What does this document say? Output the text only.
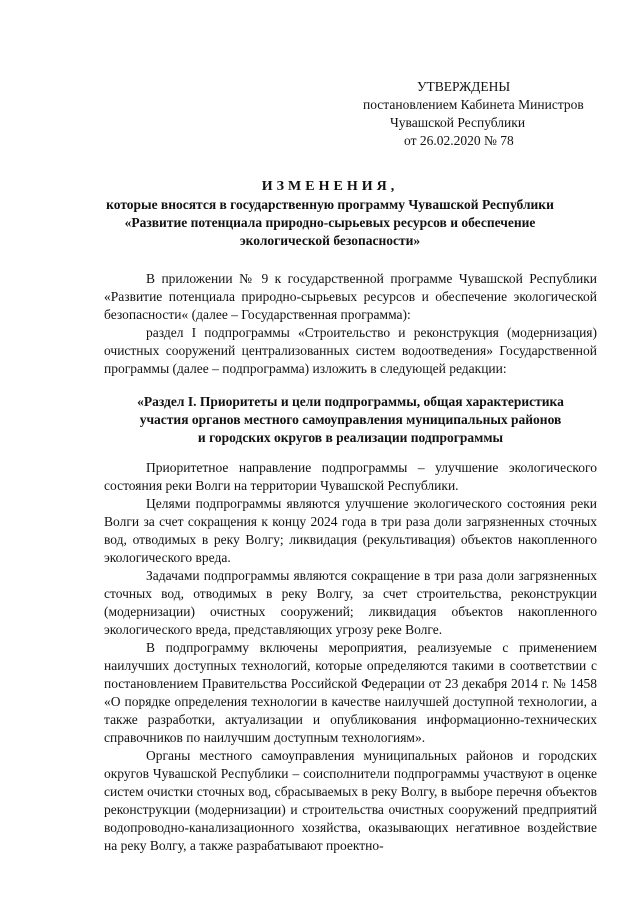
УТВЕРЖДЕНЫ
постановлением Кабинета Министров
Чувашской Республики
от 26.02.2020 № 78
ИЗМЕНЕНИЯ,
которые вносятся в государственную программу Чувашской Республики
«Развитие потенциала природно-сырьевых ресурсов и обеспечение
экологической безопасности»

В приложении № 9 к государственной программе Чувашской Республики «Развитие потенциала природно-сырьевых ресурсов и обеспечение экологической безопасности« (далее – Государственная программа):

раздел I подпрограммы «Строительство и реконструкция (модернизация) очистных сооружений централизованных систем водоотведения» Государственной программы (далее – подпрограмма) изложить в следующей редакции:

«Раздел I. Приоритеты и цели подпрограммы, общая характеристика
участия органов местного самоуправления муниципальных районов
и городских округов в реализации подпрограммы

Приоритетное направление подпрограммы – улучшение экологического состояния реки Волги на территории Чувашской Республики.

Целями подпрограммы являются улучшение экологического состояния реки Волги за счет сокращения к концу 2024 года в три раза доли загрязненных сточных вод, отводимых в реку Волгу; ликвидация (рекультивация) объектов накопленного экологического вреда.

Задачами подпрограммы являются сокращение в три раза доли загрязненных сточных вод, отводимых в реку Волгу, за счет строительства, реконструкции (модернизации) очистных сооружений; ликвидация объектов накопленного экологического вреда, представляющих угрозу реке Волге.

В подпрограмму включены мероприятия, реализуемые с применением наилучших доступных технологий, которые определяются такими в соответствии с постановлением Правительства Российской Федерации от 23 декабря 2014 г. № 1458 «О порядке определения технологии в качестве наилучшей доступной технологии, а также разработки, актуализации и опубликования информационно-технических справочников по наилучшим доступным технологиям».

Органы местного самоуправления муниципальных районов и городских округов Чувашской Республики – соисполнители подпрограммы участвуют в оценке систем очистки сточных вод, сбрасываемых в реку Волгу, в выборе перечня объектов реконструкции (модернизации) и строительства очистных сооружений предприятий водопроводно-канализационного хозяйства, оказывающих негативное воздействие на реку Волгу, а также разрабатывают проектно-
